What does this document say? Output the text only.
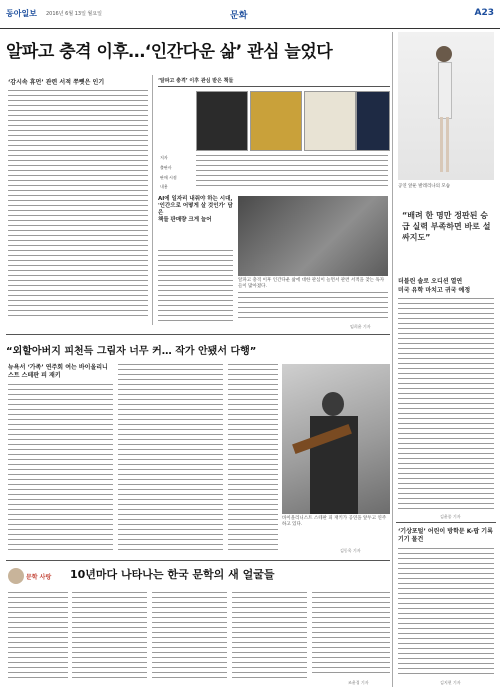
동아일보 2016년 6월 13일 월요일	문화	A23
알파고 충격 이후…‘인간다운 삶’ 관심 늘었다
‘감시속 휴먼’ 관련 서적 쭈뼛은 인기	‘알파고 충격’ 이후 관심 받은 책들
저자
출판사
판매 시점
내용
AI에 일자리 내줘야 하는 시대,
'인간으로 어떻게 살 것인가' 담은
책들 판매량 크게 늘어
알파고 충격 이후 인간다운 삶에 대한 관심이 늘면서 관련 서적을 찾는 독자들이 많아졌다.
임희윤 기자
공연 앞둔 발레리나의 모습
“배려 한 명만 정판된 승급 실력 부족하면 바로 설 싸지도”
더블린 솔로 오디션 열연
미국 유학 마치고 귀국 예정
김윤종 기자
‘기상포털’ 어린이 방학문 K-팝 기록 기기 물건
김지현 기자
“외할아버지 피천득 그림자 너무 커… 작가 안됐서 다행”
뉴욕서 ‘가족’ 연주회 여는 바이올리니스트 스테판 피 재키
바이올리니스트 스테판 피 재키가 공연을 앞두고 연주하고 있다.
김동욱 기자
문학 사랑 10년마다 나타나는 한국 문학의 새 얼굴들
조윤경 기자
